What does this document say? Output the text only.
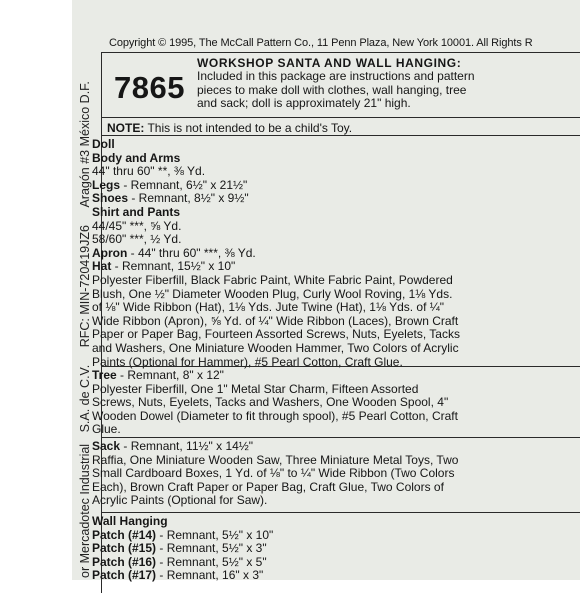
or Mercadotec Industrial S.A. de C.V. RFC: MIN-720419JZ6 Aragón #3 México D.F.
Copyright © 1995, The McCall Pattern Co., 11 Penn Plaza, New York 10001. All Rights R
7865
WORKSHOP SANTA AND WALL HANGING:
Included in this package are instructions and pattern
pieces to make doll with clothes, wall hanging, tree
and sack; doll is approximately 21" high.
NOTE: This is not intended to be a child's Toy.
Doll
Body and Arms
44" thru 60" **, ⅜ Yd.
Legs - Remnant, 6½" x 21½"
Shoes - Remnant, 8½" x 9½"
Shirt and Pants
44/45" ***, ⅝ Yd.
58/60" ***, ½ Yd.
Apron - 44" thru 60" ***, ⅜ Yd.
Hat - Remnant, 15½" x 10"
Polyester Fiberfill, Black Fabric Paint, White Fabric Paint, Powdered
Blush, One ½" Diameter Wooden Plug, Curly Wool Roving, 1⅛ Yds.
of ⅛" Wide Ribbon (Hat), 1⅛ Yds. Jute Twine (Hat), 1⅛ Yds. of ¼"
Wide Ribbon (Apron), ⅝ Yd. of ¼" Wide Ribbon (Laces), Brown Craft
Paper or Paper Bag, Fourteen Assorted Screws, Nuts, Eyelets, Tacks
and Washers, One Miniature Wooden Hammer, Two Colors of Acrylic
Paints (Optional for Hammer), #5 Pearl Cotton, Craft Glue.
Tree - Remnant, 8" x 12"
Polyester Fiberfill, One 1" Metal Star Charm, Fifteen Assorted
Screws, Nuts, Eyelets, Tacks and Washers, One Wooden Spool, 4"
Wooden Dowel (Diameter to fit through spool), #5 Pearl Cotton, Craft
Glue.
Sack - Remnant, 11½" x 14½"
Raffia, One Miniature Wooden Saw, Three Miniature Metal Toys, Two
Small Cardboard Boxes, 1 Yd. of ⅛" to ¼" Wide Ribbon (Two Colors
Each), Brown Craft Paper or Paper Bag, Craft Glue, Two Colors of
Acrylic Paints (Optional for Saw).
Wall Hanging
Patch (#14) - Remnant, 5½" x 10"
Patch (#15) - Remnant, 5½" x 3"
Patch (#16) - Remnant, 5½" x 5"
Patch (#17) - Remnant, 16" x 3"
